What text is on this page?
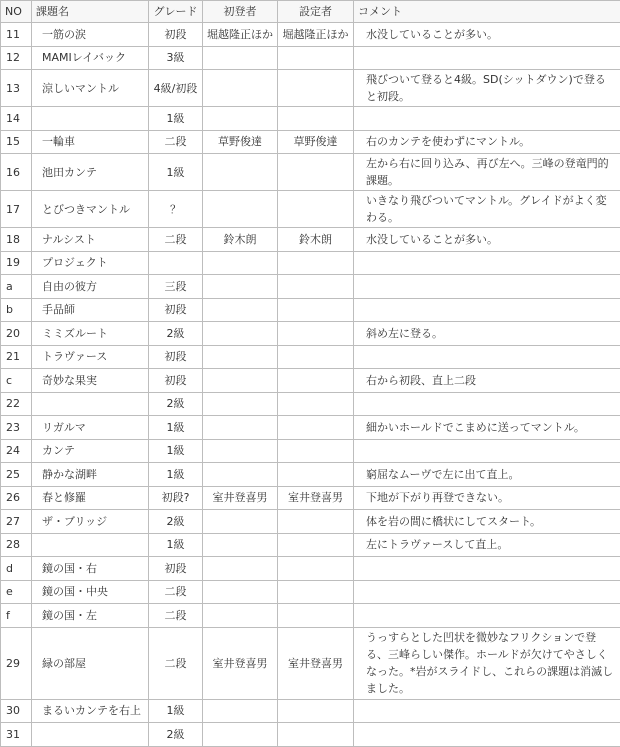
NO	課題名	グレード	初登者	設定者	コメント
11	一筋の涙	初段	堀越隆正ほか	堀越隆正ほか	水没していることが多い。
12	MAMIレイバック	3級			
13	涼しいマントル	4級/初段			飛びついて登ると4級。SD(シットダウン)で登ると初段。
14		1級			
15	一輪車	二段	草野俊達	草野俊達	右のカンテを使わずにマントル。
16	池田カンテ	1級			左から右に回り込み、再び左へ。三峰の登竜門的課題。
17	とびつきマントル	？			いきなり飛びついてマントル。グレイドがよく変わる。
18	ナルシスト	二段	鈴木朗	鈴木朗	水没していることが多い。
19	プロジェクト				
a	自由の彼方	三段			
b	手品師	初段			
20	ミミズルート	2級			斜め左に登る。
21	トラヴァース	初段			
c	奇妙な果実	初段			右から初段、直上二段
22		2級			
23	リガルマ	1級			細かいホールドでこまめに送ってマントル。
24	カンテ	1級			
25	静かな湖畔	1級			窮屈なムーヴで左に出て直上。
26	春と修羅	初段?	室井登喜男	室井登喜男	下地が下がり再登できない。
27	ザ・ブリッジ	2級			体を岩の間に橋状にしてスタート。
28		1級			左にトラヴァースして直上。
d	鏡の国・右	初段			
e	鏡の国・中央	二段			
f	鏡の国・左	二段			
29	緑の部屋	二段	室井登喜男	室井登喜男	うっすらとした凹状を微妙なフリクションで登る、三峰らしい傑作。ホールドが欠けてやさしくなった。*岩がスライドし、これらの課題は消滅しました。
30	まるいカンテを右上	1級			
31		2級			
